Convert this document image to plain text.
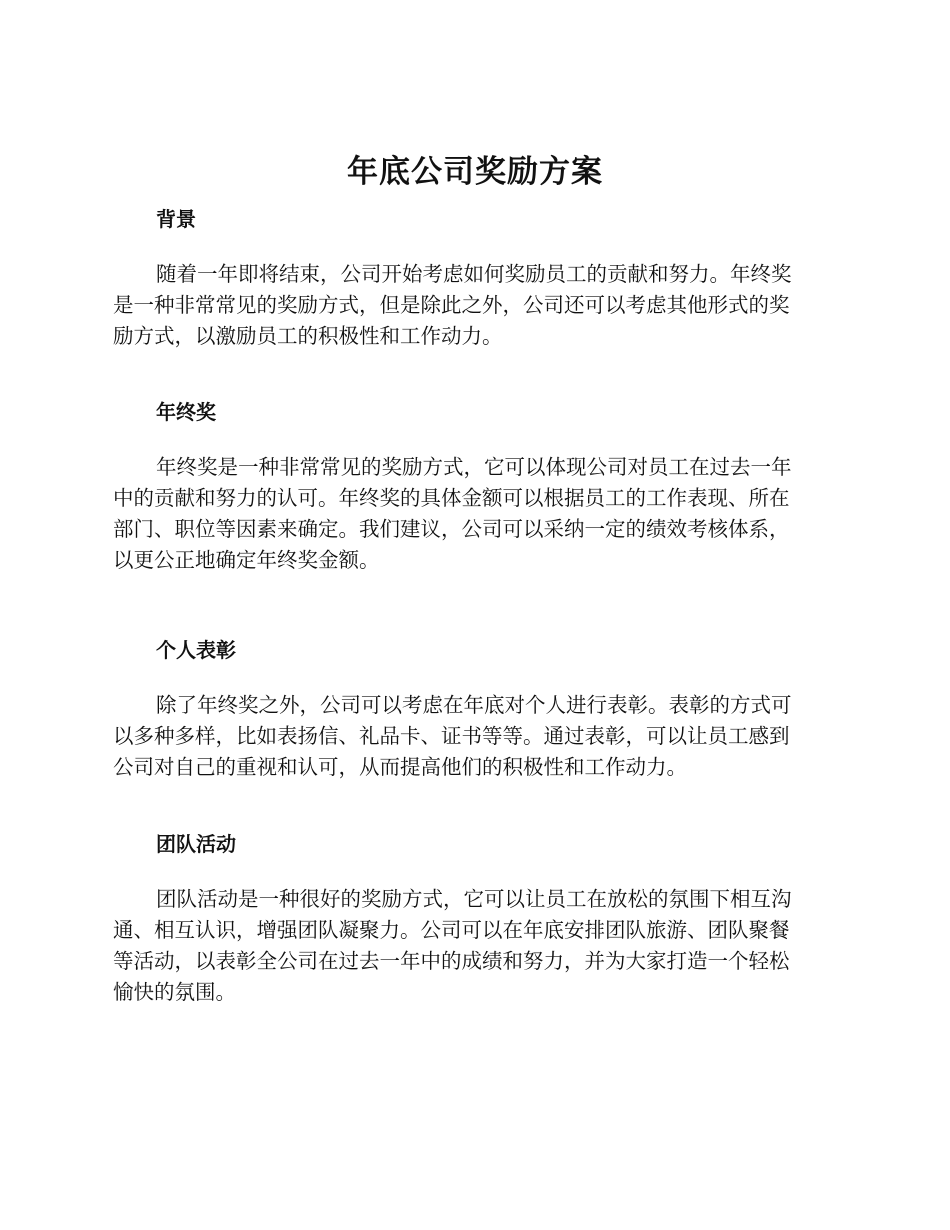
年底公司奖励方案
背景
随着一年即将结束，公司开始考虑如何奖励员工的贡献和努力。年终奖
是一种非常常见的奖励方式，但是除此之外，公司还可以考虑其他形式的奖
励方式，以激励员工的积极性和工作动力。
年终奖
年终奖是一种非常常见的奖励方式，它可以体现公司对员工在过去一年
中的贡献和努力的认可。年终奖的具体金额可以根据员工的工作表现、所在
部门、职位等因素来确定。我们建议，公司可以采纳一定的绩效考核体系，
以更公正地确定年终奖金额。
个人表彰
除了年终奖之外，公司可以考虑在年底对个人进行表彰。表彰的方式可
以多种多样，比如表扬信、礼品卡、证书等等。通过表彰，可以让员工感到
公司对自己的重视和认可，从而提高他们的积极性和工作动力。
团队活动
团队活动是一种很好的奖励方式，它可以让员工在放松的氛围下相互沟
通、相互认识，增强团队凝聚力。公司可以在年底安排团队旅游、团队聚餐
等活动，以表彰全公司在过去一年中的成绩和努力，并为大家打造一个轻松
愉快的氛围。
